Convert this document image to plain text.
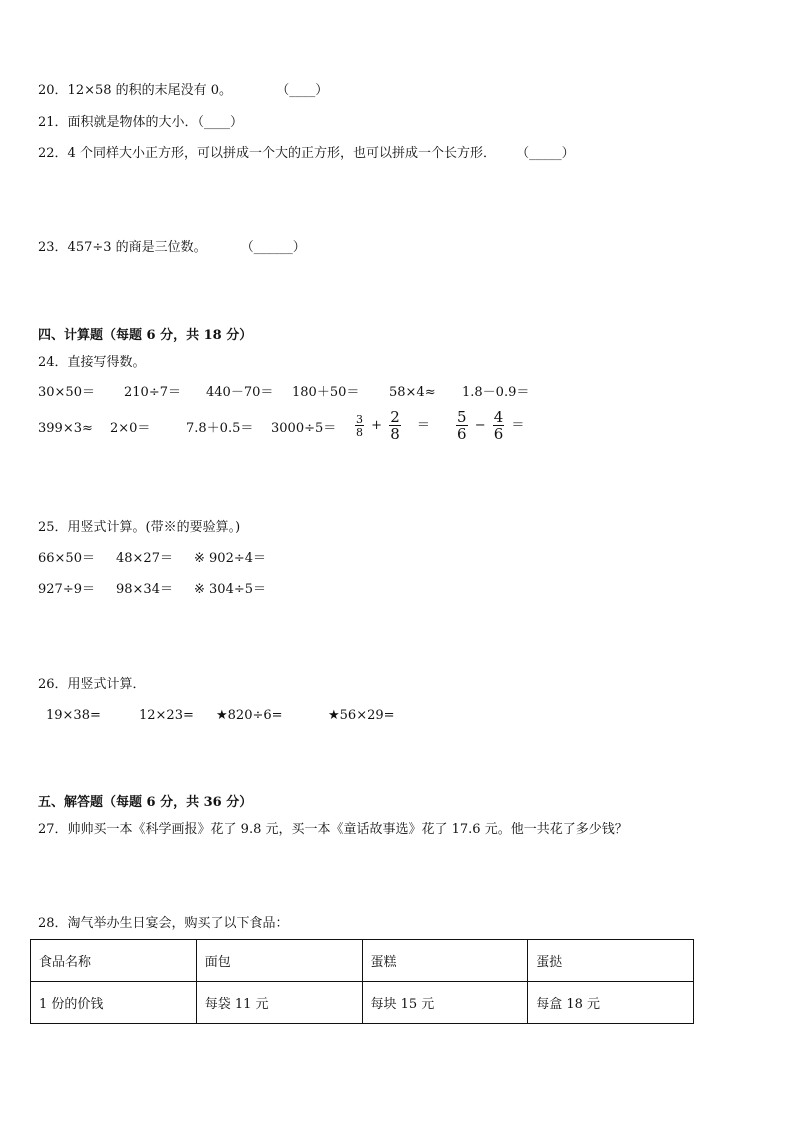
20．12×58 的积的末尾没有 0。	（____）
21．面积就是物体的大小．（____）
22．4 个同样大小正方形，可以拼成一个大的正方形，也可以拼成一个长方形． （_____）
23．457÷3 的商是三位数。	（______）
四、计算题（每题 6 分，共 18 分）
24．直接写得数。
30×50＝ 210÷7＝ 440－70＝ 180＋50＝ 58×4≈ 1.8－0.9＝
399×3≈ 2×0＝	$7.8+0.5= 3000\div 5= \frac{3}{8} + \frac{2}{8} = \frac{5}{6} - \frac{4}{6}$ ＝
25．用竖式计算。(带※的要验算。)
66×50＝ 48×27＝ ※ 902÷4＝
927÷9＝ 98×34＝ ※ 304÷5＝
26．用竖式计算．
19×38=	12×23= ★820÷6=	★56×29=
五、解答题（每题 6 分，共 36 分）
27．帅帅买一本《科学画报》花了 9.8 元，买一本《童话故事选》花了 17.6 元。他一共花了多少钱？
28．淘气举办生日宴会，购买了以下食品：
食品名称	面包	蛋糕	蛋挞
1 份的价钱	每袋 11 元	每块 15 元	每盒 18 元
